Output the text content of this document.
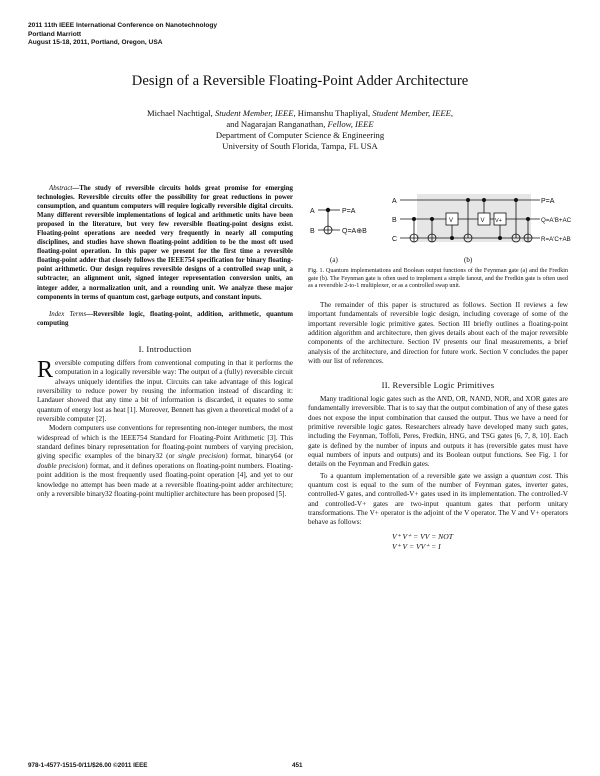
2011 11th IEEE International Conference on Nanotechnology
Portland Marriott
August 15-18, 2011, Portland, Oregon, USA
Design of a Reversible Floating-Point Adder Architecture
Michael Nachtigal, Student Member, IEEE, Himanshu Thapliyal, Student Member, IEEE,
and Nagarajan Ranganathan, Fellow, IEEE
Department of Computer Science & Engineering
University of South Florida, Tampa, FL USA

Abstract—The study of reversible circuits holds great promise for emerging technologies. Reversible circuits offer the possibility for great reductions in power consumption, and quantum computers will require logically reversible digital circuits. Many different reversible implementations of logical and arithmetic units have been proposed in the literature, but very few reversible floating-point designs exist. Floating-point operations are needed very frequently in nearly all computing disciplines, and studies have shown floating-point addition to be the most oft used floating-point operation. In this paper we present for the first time a reversible floating-point adder that closely follows the IEEE754 specification for binary floating-point arithmetic. Our design requires reversible designs of a controlled swap unit, a subtracter, an alignment unit, signed integer representation conversion units, an integer adder, a normalization unit, and a rounding unit. We analyze these major components in terms of quantum cost, garbage outputs, and constant inputs.

Index Terms—Reversible logic, floating-point, addition, arithmetic, quantum computing

I. Introduction

Reversible computing differs from conventional computing in that it performs the computation in a logically reversible way: The output of a (fully) reversible circuit always uniquely identifies the input. Circuits can take advantage of this logical reversibility to reduce power by reusing the information instead of discarding it: Landauer showed that any time a bit of information is discarded, it equates to some quantum of energy lost as heat [1]. Moreover, Bennett has given a theoretical model of a reversible computer [2].

Modern computers use conventions for representing non-integer numbers, the most widespread of which is the IEEE754 Standard for Floating-Point Arithmetic [3]. This standard defines binary representation for floating-point numbers of varying precision, giving specific examples of the binary32 (or single precision) format, binary64 (or double precision) format, and it defines operations on floating-point numbers. Floating-point addition is the most frequently used floating-point operation [4], and yet to our knowledge no attempt has been made at a reversible floating-point adder architecture; only a reversible binary32 floating-point multiplier architecture has been proposed [5].

A
B
P=A
Q=A⊕B
(a)
V	V V+
A
B
C
P=A
Q=A'B+AC
R=A'C+AB
(b)

Fig. 1. Quantum implementations and Boolean output functions of the Feynman gate (a) and the Fredkin gate (b). The Feynman gate is often used to implement a simple fanout, and the Fredkin gate is often used as a reversible 2-to-1 multiplexer, or as a controlled swap unit.

The remainder of this paper is structured as follows. Section II reviews a few important fundamentals of reversible logic design, including coverage of some of the important reversible logic primitive gates. Section III briefly outlines a floating-point addition algorithm and architecture, then gives details about each of the major reversible components of the architecture. Section IV presents our final measurements, a brief analysis of the architecture, and direction for future work. Section V concludes the paper with our list of references.

II. Reversible Logic Primitives

Many traditional logic gates such as the AND, OR, NAND, NOR, and XOR gates are fundamentally irreversible. That is to say that the output combination of any of these gates does not expose the input combination that caused the output. Thus we have a need for primitive reversible logic gates. Researchers already have developed many such gates, including the Feynman, Toffoli, Peres, Fredkin, HNG, and TSG gates [6, 7, 8, 10]. Each gate is defined by the number of inputs and outputs it has (reversible gates must have equal numbers of inputs and outputs) and its Boolean output functions. See Fig. 1 for details on the Feynman and Fredkin gates.

To a quantum implementation of a reversible gate we assign a quantum cost. This quantum cost is equal to the sum of the number of Feynman gates, inverter gates, controlled-V gates, and controlled-V+ gates used in its implementation. The controlled-V and controlled-V+ gates are two-input quantum gates that perform unitary transformations. The V+ operator is the adjoint of the V operator. The V and V+ operators behave as follows:

V⁺ V⁺ = VV = NOT
V⁺ V = VV⁺ = I
978-1-4577-1515-0/11/$26.00 ©2011 IEEE	451
